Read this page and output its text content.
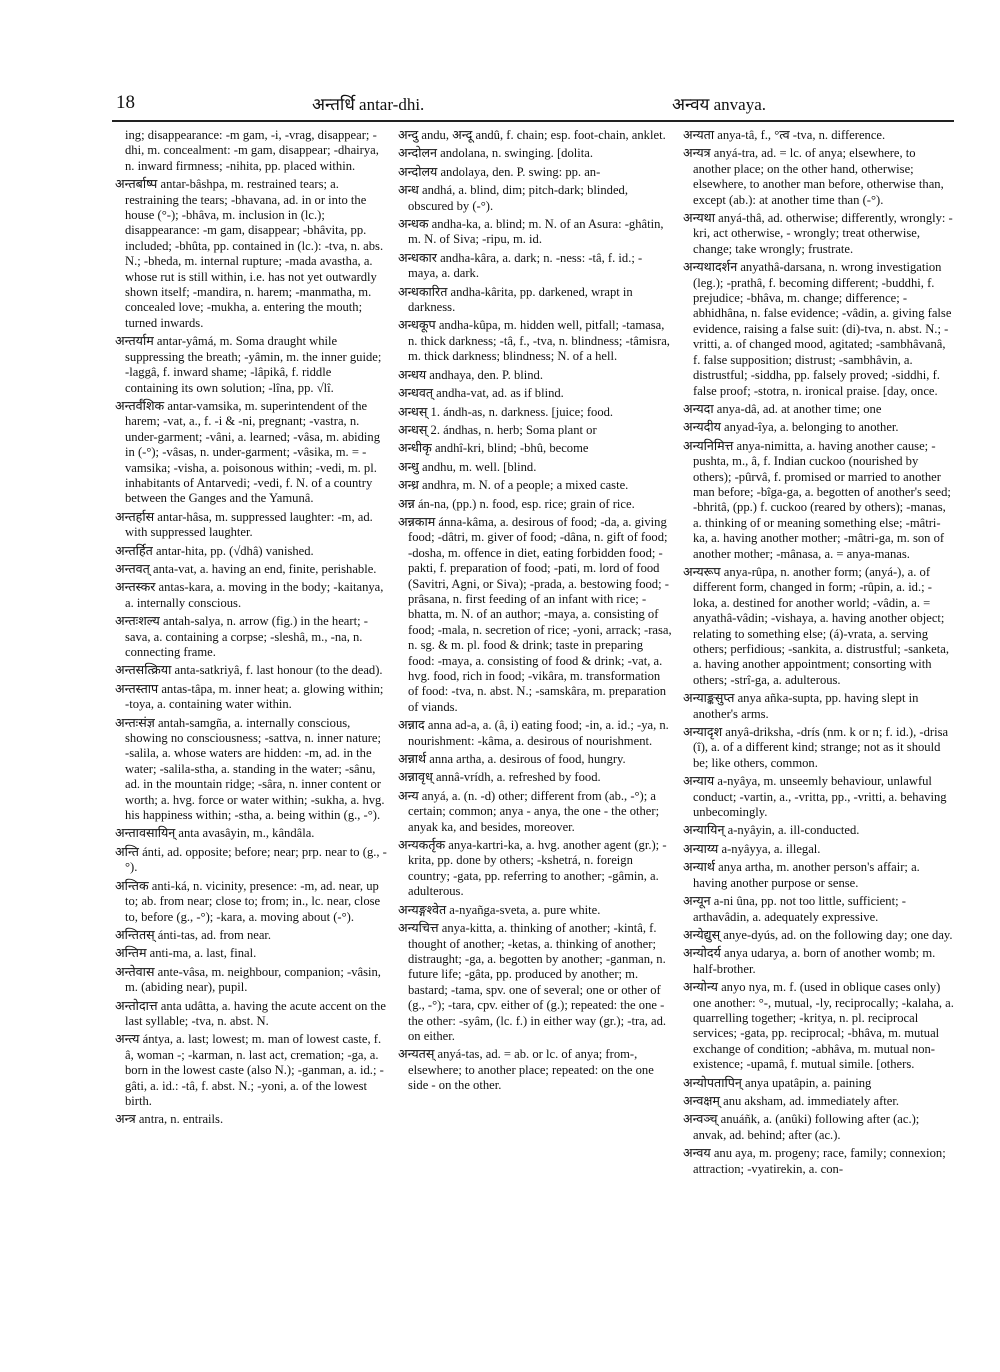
18	अन्तर्धि antar-dhi.	अन्वय anvaya.

ing; disappearance: -m gam, -i, -vrag, disappear; -dhi, m. concealment: -m gam, disappear; -dhairya, n. inward firmness; -nihita, pp. placed within.

अन्तर्बाष्प antar-bâshpa, m. restrained tears; a. restraining the tears; -bhavana, ad. in or into the house (°-); -bhâva, m. inclusion in (lc.); disappearance: -m gam, disappear; -bhâvita, pp. included; -bhûta, pp. contained in (lc.): -tva, n. abs. N.; -bheda, m. internal rupture; -mada avastha, a. whose rut is still within, i.e. has not yet outwardly shown itself; -mandira, n. harem; -manmatha, m. concealed love; -mukha, a. entering the mouth; turned inwards.

अन्तर्याम antar-yâmá, m. Soma draught while suppressing the breath; -yâmin, m. the inner guide; -laggâ, f. inward shame; -lâpikâ, f. riddle containing its own solution; -lîna, pp. √lî.

अन्तर्वंशिक antar-vamsika, m. superintendent of the harem; -vat, a., f. -i & -ni, pregnant; -vastra, n. under-garment; -vâni, a. learned; -vâsa, m. abiding in (-°); -vâsas, n. under-garment; -vâsika, m. = -vamsika; -visha, a. poisonous within; -vedi, m. pl. inhabitants of Antarvedi; -vedi, f. N. of a country between the Ganges and the Yamunâ.

अन्तर्हास antar-hâsa, m. suppressed laughter: -m, ad. with suppressed laughter.

अन्तर्हित antar-hita, pp. (√dhâ) vanished.

अन्तवत् anta-vat, a. having an end, finite, perishable.

अन्तस्कर antas-kara, a. moving in the body; -kaitanya, a. internally conscious.

अन्तःशल्य antah-salya, n. arrow (fig.) in the heart; -sava, a. containing a corpse; -sleshâ, m., -na, n. connecting frame.

अन्तसत्क्रिया anta-satkriyâ, f. last honour (to the dead).

अन्तस्ताप antas-tâpa, m. inner heat; a. glowing within; -toya, a. containing water within.

अन्तःसंज्ञ antah-samgña, a. internally conscious, showing no consciousness; -sattva, n. inner nature; -salila, a. whose waters are hidden: -m, ad. in the water; -salila-stha, a. standing in the water; -sânu, ad. in the mountain ridge; -sâra, n. inner content or worth; a. hvg. force or water within; -sukha, a. hvg. his happiness within; -stha, a. being within (g., -°).

अन्तावसायिन् anta avasâyin, m., kândâla.

अन्ति ánti, ad. opposite; before; near; prp. near to (g., -°).

अन्तिक anti-ká, n. vicinity, presence: -m, ad. near, up to; ab. from near; close to; from; in., lc. near, close to, before (g., -°); -kara, a. moving about (-°).

अन्तितस् ánti-tas, ad. from near.

अन्तिम anti-ma, a. last, final.

अन्तेवास ante-vâsa, m. neighbour, companion; -vâsin, m. (abiding near), pupil.

अन्तोदात्त anta udâtta, a. having the acute accent on the last syllable; -tva, n. abst. N.

अन्त्य ántya, a. last; lowest; m. man of lowest caste, f. â, woman -; -karman, n. last act, cremation; -ga, a. born in the lowest caste (also N.); -ganman, a. id.; -gâti, a. id.: -tâ, f. abst. N.; -yoni, a. of the lowest birth.

अन्त्र antra, n. entrails.

अन्दु andu, अन्दू andû, f. chain; esp. foot-chain, anklet.

अन्दोलन andolana, n. swinging. [dolita.

अन्दोलय andolaya, den. P. swing: pp. an-

अन्ध andhá, a. blind, dim; pitch-dark; blinded, obscured by (-°).

अन्धक andha-ka, a. blind; m. N. of an Asura: -ghâtin, m. N. of Siva; -ripu, m. id.

अन्धकार andha-kâra, a. dark; n. -ness: -tâ, f. id.; -maya, a. dark.

अन्धकारित andha-kârita, pp. darkened, wrapt in darkness.

अन्धकूप andha-kûpa, m. hidden well, pitfall; -tamasa, n. thick darkness; -tâ, f., -tva, n. blindness; -tâmisra, m. thick darkness; blindness; N. of a hell.

अन्धय andhaya, den. P. blind.

अन्धवत् andha-vat, ad. as if blind.

अन्धस् 1. ándh-as, n. darkness. [juice; food.

अन्धस् 2. ándhas, n. herb; Soma plant or

अन्धीकृ andhî-kri, blind; -bhû, become

अन्धु andhu, m. well. [blind.

अन्ध्र andhra, m. N. of a people; a mixed caste.

अन्न án-na, (pp.) n. food, esp. rice; grain of rice.

अन्नकाम ánna-kâma, a. desirous of food; -da, a. giving food; -dâtri, m. giver of food; -dâna, n. gift of food; -dosha, m. offence in diet, eating forbidden food; -pakti, f. preparation of food; -pati, m. lord of food (Savitri, Agni, or Siva); -prada, a. bestowing food; -prâsana, n. first feeding of an infant with rice; -bhatta, m. N. of an author; -maya, a. consisting of food; -mala, n. secretion of rice; -yoni, arrack; -rasa, n. sg. & m. pl. food & drink; taste in preparing food: -maya, a. consisting of food & drink; -vat, a. hvg. food, rich in food; -vikâra, m. transformation of food: -tva, n. abst. N.; -samskâra, m. preparation of viands.

अन्नाद anna ad-a, a. (â, i) eating food; -in, a. id.; -ya, n. nourishment: -kâma, a. desirous of nourishment.

अन्नार्थ anna artha, a. desirous of food, hungry.

अन्नावृध् annâ-vrídh, a. refreshed by food.

अन्य anyá, a. (n. -d) other; different from (ab., -°); a certain; common; anya - anya, the one - the other; anyak ka, and besides, moreover.

अन्यकर्तृक anya-kartri-ka, a. hvg. another agent (gr.); -krita, pp. done by others; -kshetrá, n. foreign country; -gata, pp. referring to another; -gâmin, a. adulterous.

अन्यङ्गश्वेत a-nyañga-sveta, a. pure white.

अन्यचित्त anya-kitta, a. thinking of another; -kintâ, f. thought of another; -ketas, a. thinking of another; distraught; -ga, a. begotten by another; -ganman, n. future life; -gâta, pp. produced by another; m. bastard; -tama, spv. one of several; one or other of (g., -°); -tara, cpv. either of (g.); repeated: the one - the other: -syâm, (lc. f.) in either way (gr.); -tra, ad. on either.

अन्यतस् anyá-tas, ad. = ab. or lc. of anya; from-, elsewhere; to another place; repeated: on the one side - on the other.

अन्यता anya-tâ, f., °त्व -tva, n. difference.

अन्यत्र anyá-tra, ad. = lc. of anya; elsewhere, to another place; on the other hand, otherwise; elsewhere, to another man before, otherwise than, except (ab.): at another time than (-°).

अन्यथा anyá-thâ, ad. otherwise; differently, wrongly: -kri, act otherwise, - wrongly; treat otherwise, change; take wrongly; frustrate.

अन्यथादर्शन anyathâ-darsana, n. wrong investigation (leg.); -prathâ, f. becoming different; -buddhi, f. prejudice; -bhâva, m. change; difference; -abhidhâna, n. false evidence; -vâdin, a. giving false evidence, raising a false suit: (di)-tva, n. abst. N.; -vritti, a. of changed mood, agitated; -sambhâvanâ, f. false supposition; distrust; -sambhâvin, a. distrustful; -siddha, pp. falsely proved; -siddhi, f. false proof; -stotra, n. ironical praise. [day, once.

अन्यदा anya-dâ, ad. at another time; one

अन्यदीय anyad-îya, a. belonging to another.

अन्यनिमित्त anya-nimitta, a. having another cause; -pushta, m., â, f. Indian cuckoo (nourished by others); -pûrvâ, f. promised or married to another man before; -bîga-ga, a. begotten of another's seed; -bhritâ, (pp.) f. cuckoo (reared by others); -manas, a. thinking of or meaning something else; -mâtri-ka, a. having another mother; -mâtri-ga, m. son of another mother; -mânasa, a. = anya-manas.

अन्यरूप anya-rûpa, n. another form; (anyá-), a. of different form, changed in form; -rûpin, a. id.; -loka, a. destined for another world; -vâdin, a. = anyathâ-vâdin; -vishaya, a. having another object; relating to something else; (á)-vrata, a. serving others; perfidious; -sankita, a. distrustful; -sanketa, a. having another appointment; consorting with others; -strî-ga, a. adulterous.

अन्याङ्कसुप्त anya añka-supta, pp. having slept in another's arms.

अन्यादृश anyâ-driksha, -drís (nm. k or n; f. id.), -drisa (î), a. of a different kind; strange; not as it should be; like others, common.

अन्याय a-nyâya, m. unseemly behaviour, unlawful conduct; -vartin, a., -vritta, pp., -vritti, a. behaving unbecomingly.

अन्यायिन् a-nyâyin, a. ill-conducted.

अन्याय्य a-nyâyya, a. illegal.

अन्यार्थ anya artha, m. another person's affair; a. having another purpose or sense.

अन्यून a-ni ûna, pp. not too little, sufficient; -arthavâdin, a. adequately expressive.

अन्येद्युस् anye-dyús, ad. on the following day; one day.

अन्योदर्य anya udarya, a. born of another womb; m. half-brother.

अन्योन्य anyo nya, m. f. (used in oblique cases only) one another: °-, mutual, -ly, reciprocally; -kalaha, a. quarrelling together; -kritya, n. pl. reciprocal services; -gata, pp. reciprocal; -bhâva, m. mutual exchange of condition; -abhâva, m. mutual non-existence; -upamâ, f. mutual simile. [others.

अन्योपतापिन् anya upatâpin, a. paining

अन्वक्षम् anu aksham, ad. immediately after.

अन्वञ्च् anuáñk, a. (anûki) following after (ac.); anvak, ad. behind; after (ac.).

अन्वय anu aya, m. progeny; race, family; connexion; attraction; -vyatirekin, a. con-
